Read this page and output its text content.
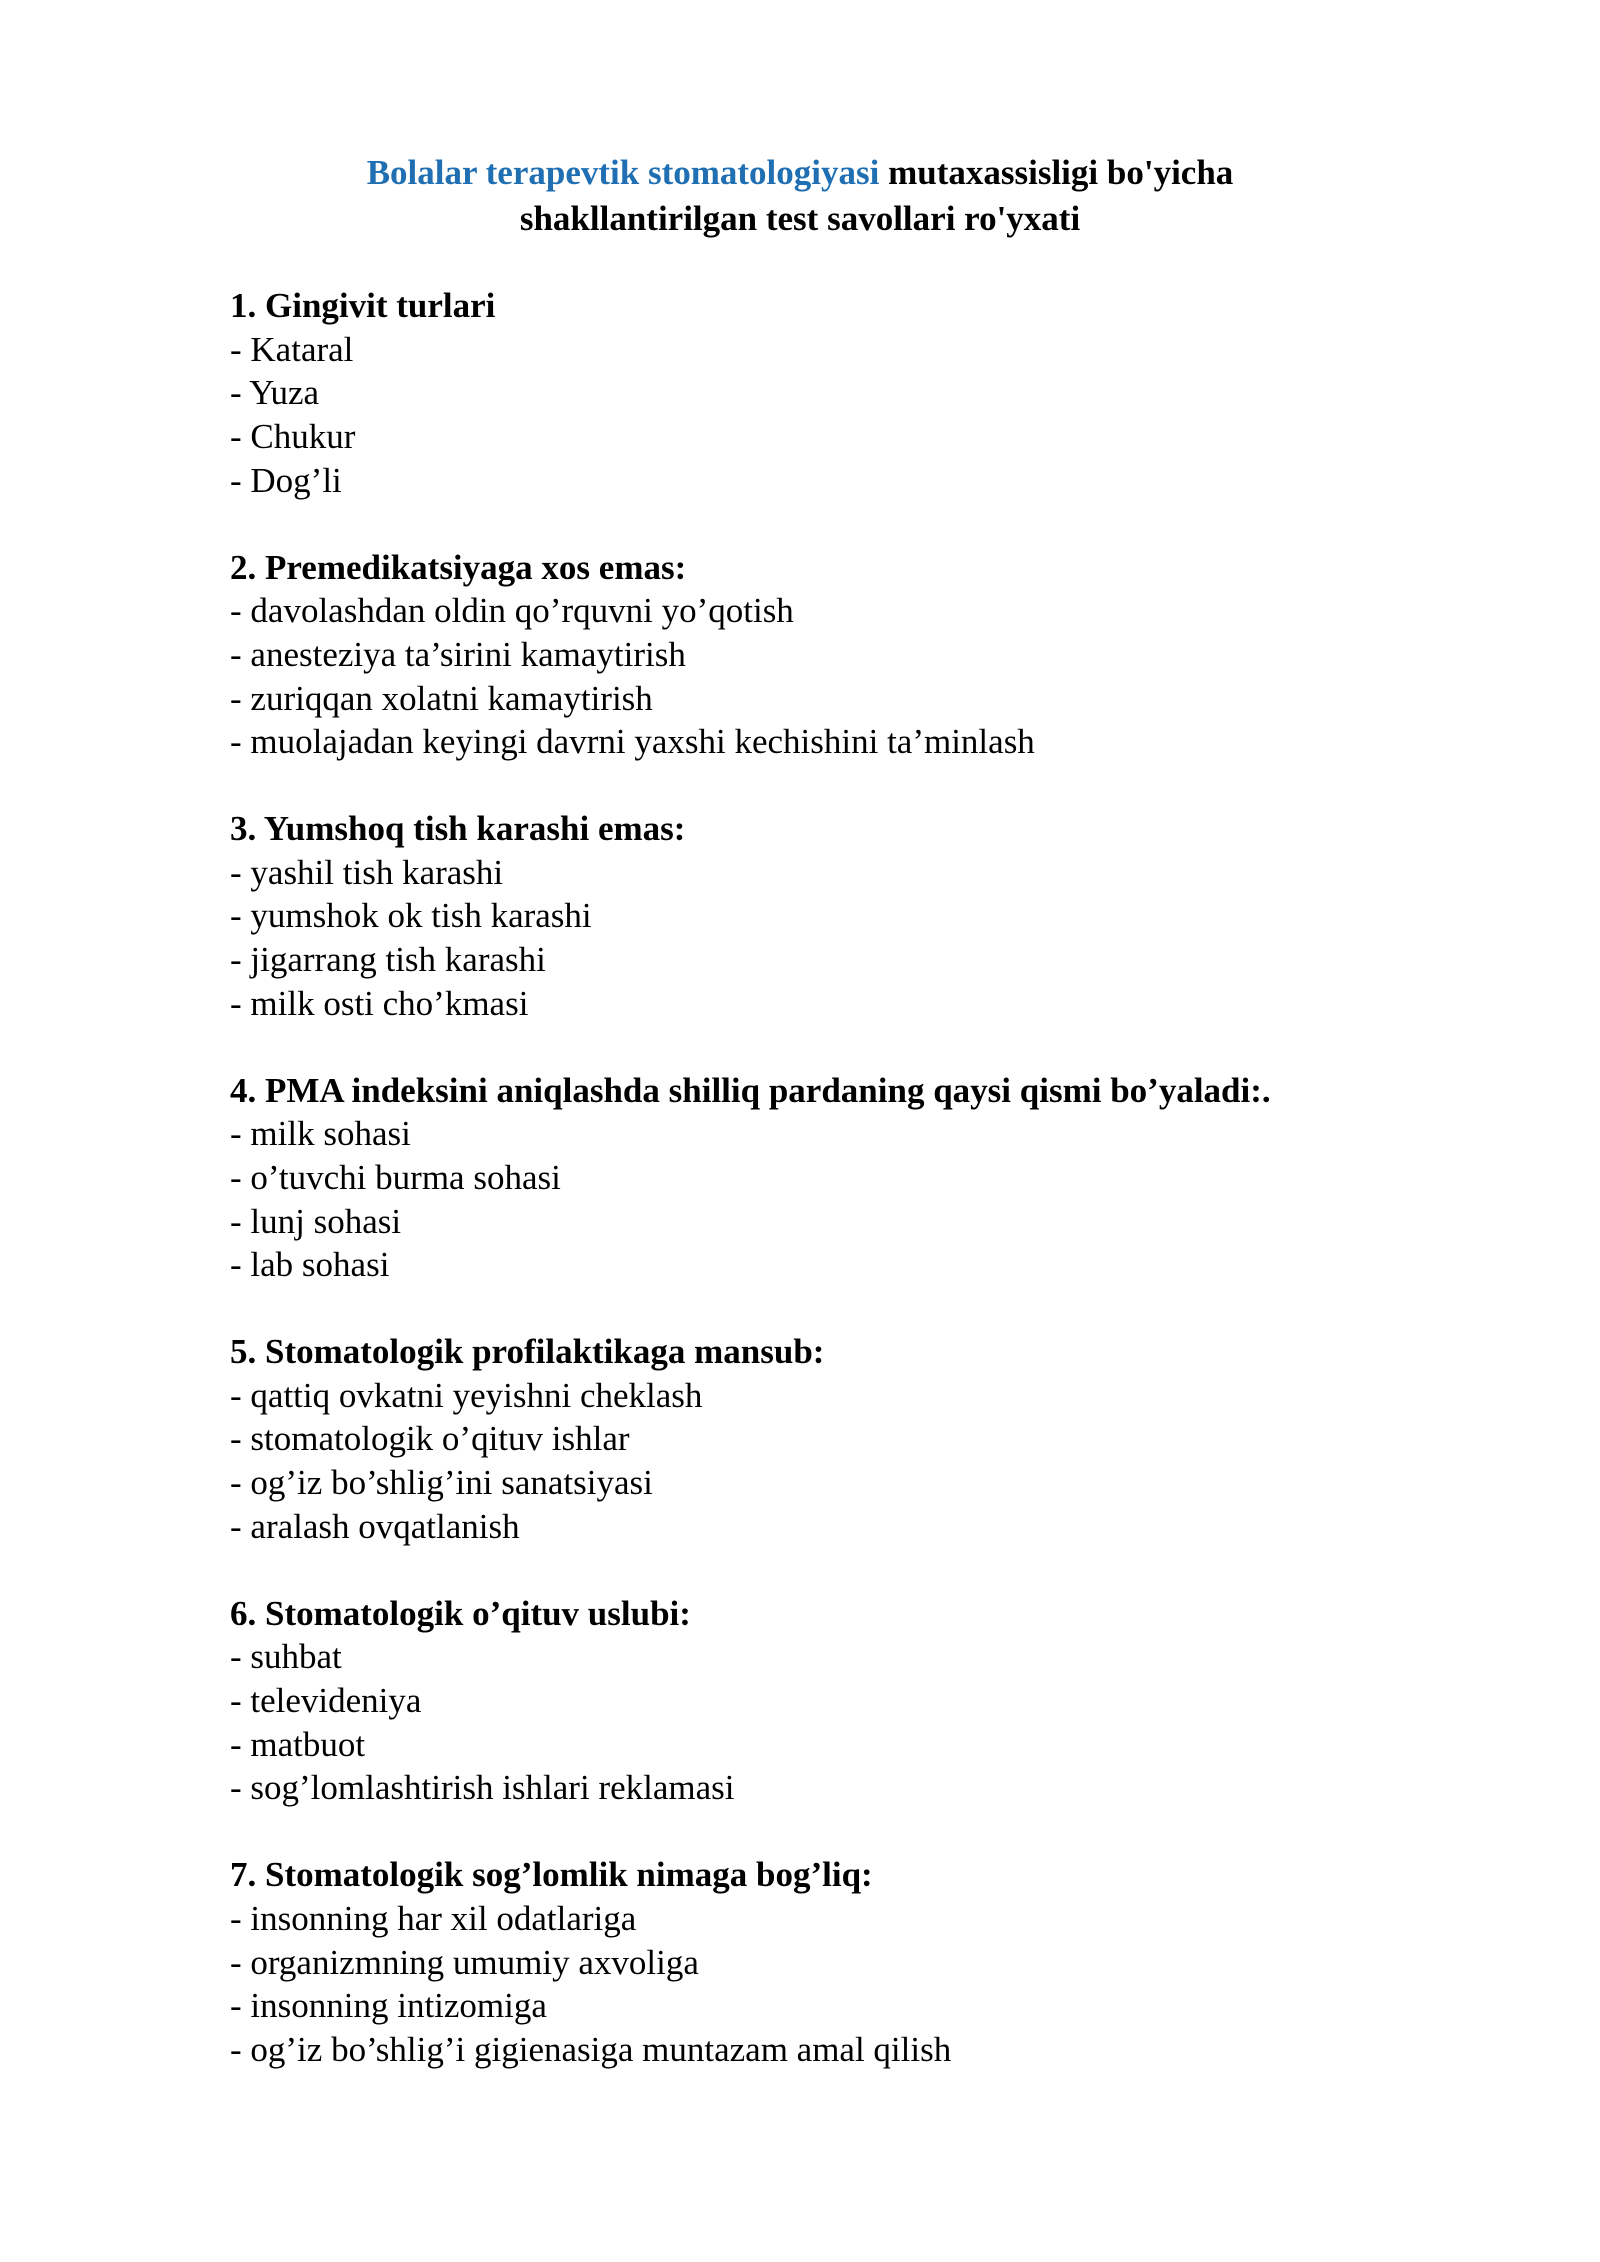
Bolalar terapevtik stomatologiyasi mutaxassisligi bo'yicha
shakllantirilgan test savollari ro'yxati
1. Gingivit turlari
- Kataral
- Yuza
- Chukur
- Dog’li
2. Premedikatsiyaga xos emas:
- davolashdan oldin qo’rquvni yo’qotish
- anesteziya ta’sirini kamaytirish
- zuriqqan xolatni kamaytirish
- muolajadan keyingi davrni yaxshi kechishini ta’minlash
3. Yumshoq tish karashi emas:
- yashil tish karashi
- yumshok ok tish karashi
- jigarrang tish karashi
- milk osti cho’kmasi
4. PMA indeksini aniqlashda shilliq pardaning qaysi qismi bo’yaladi:.
- milk sohasi
- o’tuvchi burma sohasi
- lunj sohasi
- lab sohasi
5. Stomatologik profilaktikaga mansub:
- qattiq ovkatni yeyishni cheklash
- stomatologik o’qituv ishlar
- og’iz bo’shlig’ini sanatsiyasi
- aralash ovqatlanish
6. Stomatologik o’qituv uslubi:
- suhbat
- televideniya
- matbuot
- sog’lomlashtirish ishlari reklamasi
7. Stomatologik sog’lomlik nimaga bog’liq:
- insonning har xil odatlariga
- organizmning umumiy axvoliga
- insonning intizomiga
- og’iz bo’shlig’i gigienasiga muntazam amal qilish
